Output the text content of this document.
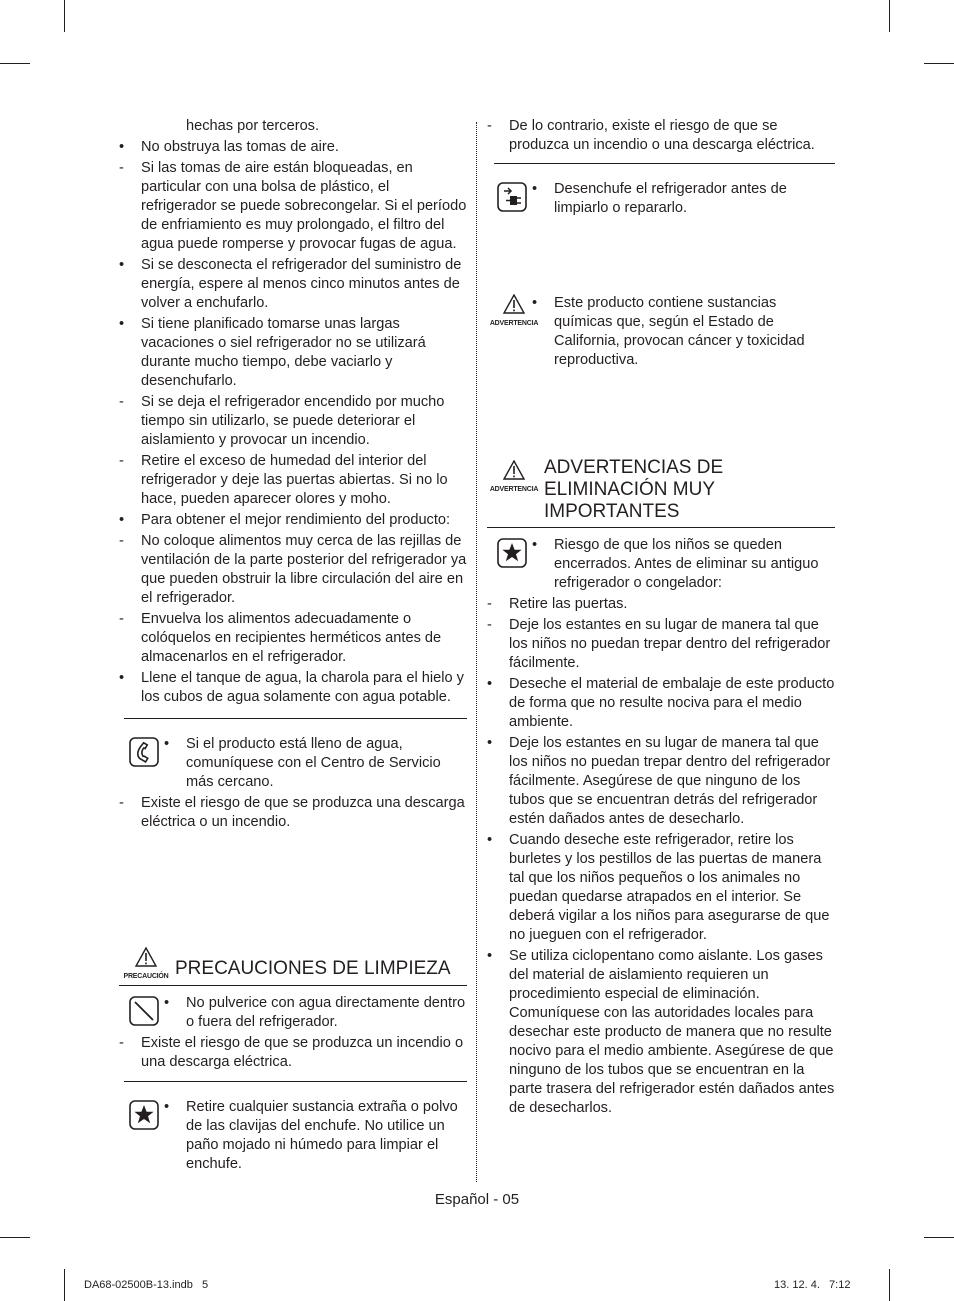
hechas por terceros.
•	No obstruya las tomas de aire.
-	Si las tomas de aire están bloqueadas, en particular con una bolsa de plástico, el refrigerador se puede sobrecongelar. Si el período de enfriamiento es muy prolongado, el filtro del agua puede romperse y provocar fugas de agua.
•	Si se desconecta el refrigerador del suministro de energía, espere al menos cinco minutos antes de volver a enchufarlo.
•	Si tiene planificado tomarse unas largas vacaciones o siel refrigerador no se utilizará durante mucho tiempo, debe vaciarlo y desenchufarlo.
-	Si se deja el refrigerador encendido por mucho tiempo sin utilizarlo, se puede deteriorar el aislamiento y provocar un incendio.
-	Retire el exceso de humedad del interior del refrigerador y deje las puertas abiertas. Si no lo hace, pueden aparecer olores y moho.
•	Para obtener el mejor rendimiento del producto:
-	No coloque alimentos muy cerca de las rejillas de ventilación de la parte posterior del refrigerador ya que pueden obstruir la libre circulación del aire en el refrigerador.
-	Envuelva los alimentos adecuadamente o colóquelos en recipientes herméticos antes de almacenarlos en el refrigerador.
•	Llene el tanque de agua, la charola para el hielo y los cubos de agua solamente con agua potable.
•	Si el producto está lleno de agua, comuníquese con el Centro de Servicio más cercano.
-	Existe el riesgo de que se produzca una descarga eléctrica o un incendio.
PRECAUCIÓN PRECAUCIONES DE LIMPIEZA
•	No pulverice con agua directamente dentro o fuera del refrigerador.
-	Existe el riesgo de que se produzca un incendio o una descarga eléctrica.
•	Retire cualquier sustancia extraña o polvo de las clavijas del enchufe. No utilice un paño mojado ni húmedo para limpiar el enchufe.
-	De lo contrario, existe el riesgo de que se produzca un incendio o una descarga eléctrica.
•	Desenchufe el refrigerador antes de limpiarlo o repararlo.
ADVERTENCIA
•	Este producto contiene sustancias químicas que, según el Estado de California, provocan cáncer y toxicidad reproductiva.
ADVERTENCIA
ADVERTENCIAS DE ELIMINACIÓN MUY IMPORTANTES
•	Riesgo de que los niños se queden encerrados. Antes de eliminar su antiguo refrigerador o congelador:
-	Retire las puertas.
-	Deje los estantes en su lugar de manera tal que los niños no puedan trepar dentro del refrigerador fácilmente.
•	Deseche el material de embalaje de este producto de forma que no resulte nociva para el medio ambiente.
•	Deje los estantes en su lugar de manera tal que los niños no puedan trepar dentro del refrigerador fácilmente. Asegúrese de que ninguno de los tubos que se encuentran detrás del refrigerador estén dañados antes de desecharlo.
•	Cuando deseche este refrigerador, retire los burletes y los pestillos de las puertas de manera tal que los niños pequeños o los animales no puedan quedarse atrapados en el interior. Se deberá vigilar a los niños para asegurarse de que no jueguen con el refrigerador.
•	Se utiliza ciclopentano como aislante. Los gases del material de aislamiento requieren un procedimiento especial de eliminación. Comuníquese con las autoridades locales para desechar este producto de manera que no resulte nocivo para el medio ambiente. Asegúrese de que ninguno de los tubos que se encuentran en la parte trasera del refrigerador estén dañados antes de desecharlos.
Español - 05
DA68-02500B-13.indb   5	13. 12. 4.   7:12
